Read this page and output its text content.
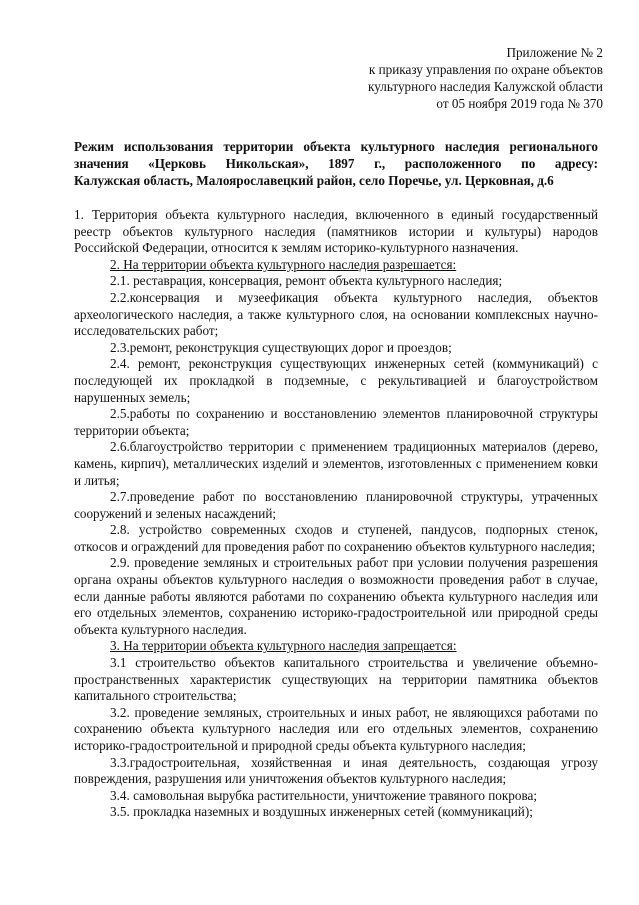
Приложение № 2
к приказу управления по охране объектов
культурного наследия Калужской области
от 05 ноября 2019 года № 370
Режим использования территории объекта культурного наследия регионального
значения «Церковь Никольская», 1897 г., расположенного по адресу:
Калужская область, Малоярославецкий район, село Поречье, ул. Церковная, д.6

1. Территория объекта культурного наследия, включенного в единый государственный реестр объектов культурного наследия (памятников истории и культуры) народов Российской Федерации, относится к землям историко-культурного назначения.

2. На территории объекта культурного наследия разрешается:

2.1. реставрация, консервация, ремонт объекта культурного наследия;

2.2.консервация и музеефикация объекта культурного наследия, объектов археологического наследия, а также культурного слоя, на основании комплексных научно-исследовательских работ;

2.3.ремонт, реконструкция существующих дорог и проездов;

2.4. ремонт, реконструкция существующих инженерных сетей (коммуникаций) с последующей их прокладкой в подземные, с рекультивацией и благоустройством нарушенных земель;

2.5.работы по сохранению и восстановлению элементов планировочной структуры территории объекта;

2.6.благоустройство территории с применением традиционных материалов (дерево, камень, кирпич), металлических изделий и элементов, изготовленных с применением ковки и литья;

2.7.проведение работ по восстановлению планировочной структуры, утраченных сооружений и зеленых насаждений;

2.8. устройство современных сходов и ступеней, пандусов, подпорных стенок, откосов и ограждений для проведения работ по сохранению объектов культурного наследия;

2.9. проведение земляных и строительных работ при условии получения разрешения органа охраны объектов культурного наследия о возможности проведения работ в случае, если данные работы являются работами по сохранению объекта культурного наследия или его отдельных элементов, сохранению историко-градостроительной или природной среды объекта культурного наследия.

3. На территории объекта культурного наследия запрещается:

3.1 строительство объектов капитального строительства и увеличение объемно-пространственных характеристик существующих на территории памятника объектов капитального строительства;

3.2. проведение земляных, строительных и иных работ, не являющихся работами по сохранению объекта культурного наследия или его отдельных элементов, сохранению историко-градостроительной и природной среды объекта культурного наследия;

3.3.градостроительная, хозяйственная и иная деятельность, создающая угрозу повреждения, разрушения или уничтожения объектов культурного наследия;

3.4. самовольная вырубка растительности, уничтожение травяного покрова;

3.5. прокладка наземных и воздушных инженерных сетей (коммуникаций);
